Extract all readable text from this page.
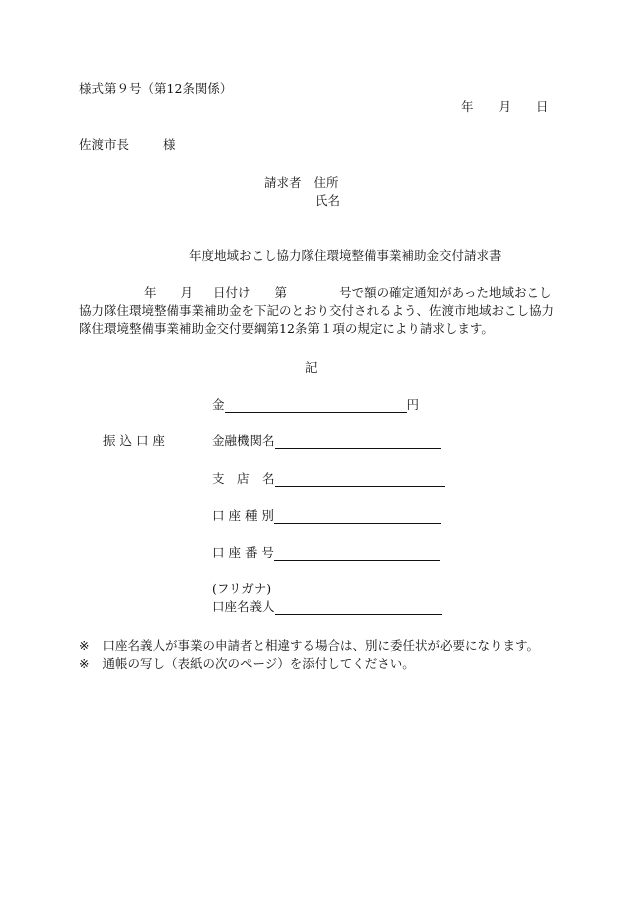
様式第９号（第12条関係）
年 月 日
佐渡市長	様
請求者 住所
氏名
年度地域おこし協力隊住環境整備事業補助金交付請求書
年 月 日付け 第	号で額の確定通知があった地域おこし協力隊住環境整備事業補助金を下記のとおり交付されるよう、佐渡市地域おこし協力隊住環境整備事業補助金交付要綱第12条第１項の規定により請求します。
記
金	円
振 込 口 座	金融機関名
支　店　名
口 座 種 別
口 座 番 号
(フリガナ)
口座名義人
※ 口座名義人が事業の申請者と相違する場合は、別に委任状が必要になります。
※ 通帳の写し（表紙の次のページ）を添付してください。
